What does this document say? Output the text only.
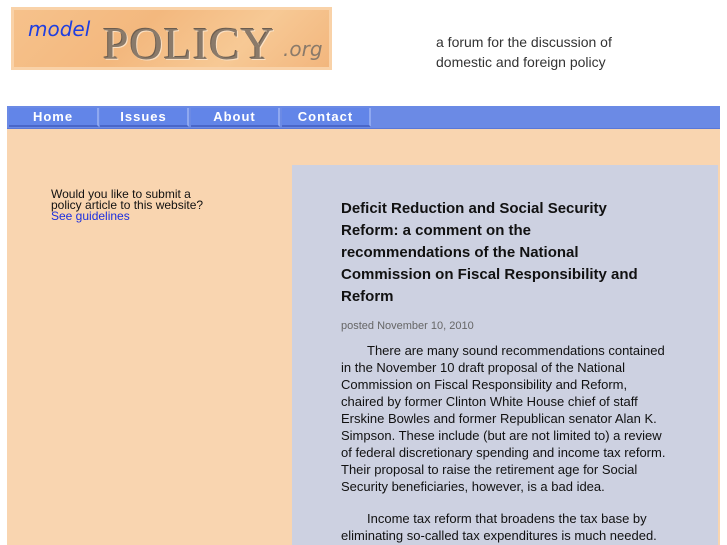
model POLICY .org	a forum for the discussion of
domestic and foreign policy
Home	Issues	About	Contact
Would you like to submit a
policy article to this website?
See guidelines	Deficit Reduction and Social Security Reform: a comment on the recommendations of the National Commission on Fiscal Responsibility and Reform
posted November 10, 2010

There are many sound recommendations contained in the November 10 draft proposal of the National Commission on Fiscal Responsibility and Reform, chaired by former Clinton White House chief of staff Erskine Bowles and former Republican senator Alan K. Simpson. These include (but are not limited to) a review of federal discretionary spending and income tax reform. Their proposal to raise the retirement age for Social Security beneficiaries, however, is a bad idea.

Income tax reform that broadens the tax base by eliminating so-called tax expenditures is much needed.
